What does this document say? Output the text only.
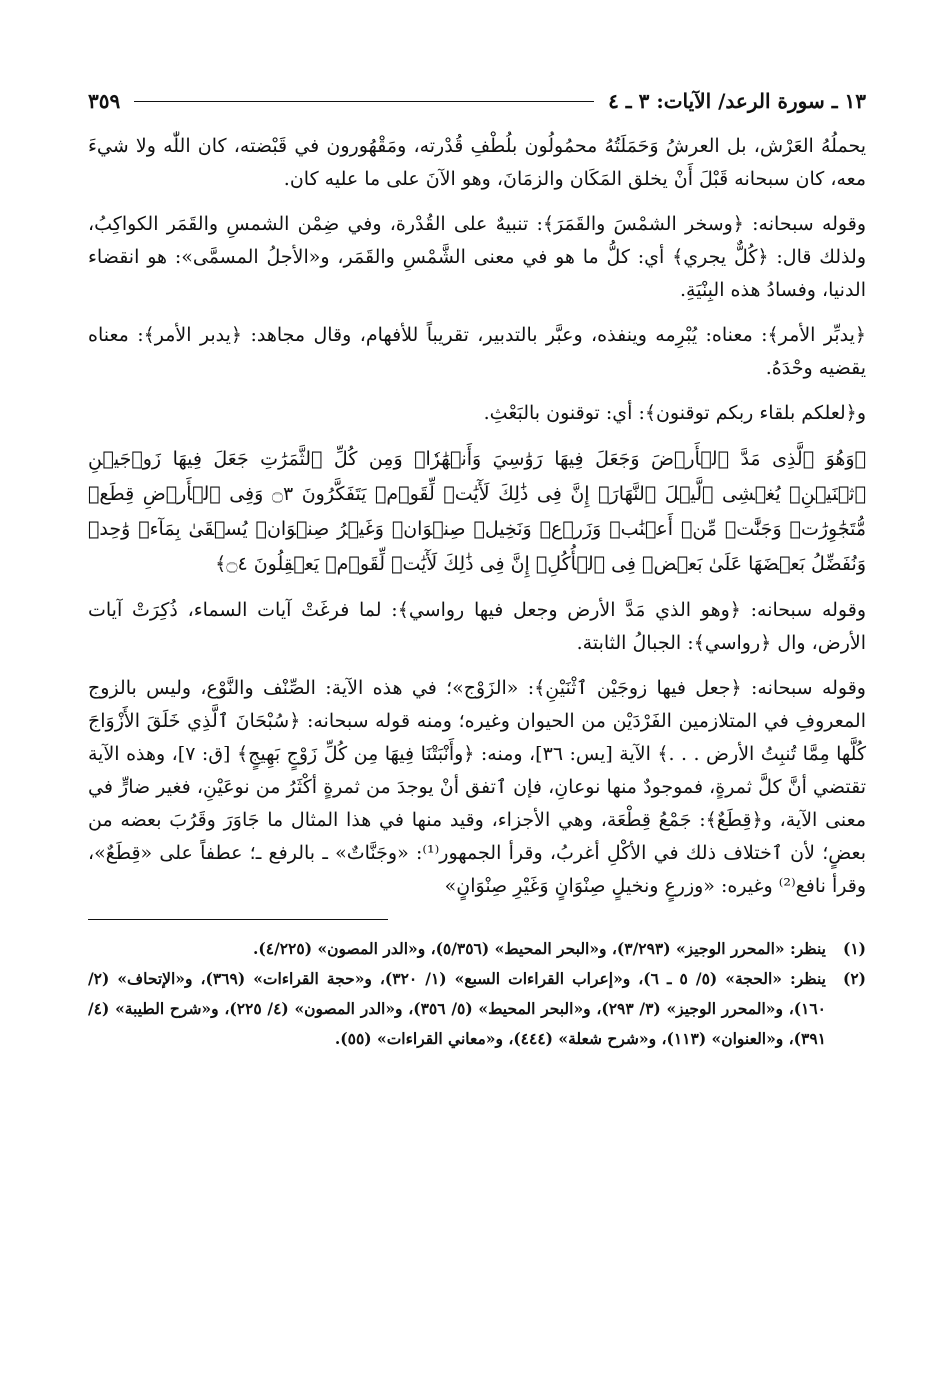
١٣ ـ سورة الرعد/ الآيات: ٣ ـ ٤
٣٥٩

يحملُهُ العَرْش، بل العرشُ وَحَمَلَتُهُ محمُولُون بلُطْفِ قُدْرته، ومَقْهُورون في قَبْضته، كان اللّٰه ولا شيءَ معه، كان سبحانه قَبْلَ أَنْ يخلق المَكَان والزمَانَ، وهو الآنَ على ما عليه كان.

وقوله سبحانه: ﴿وسخر الشمْسَ والقَمَرَ﴾: تنبيهٌ على القُدْرة، وفي ضِمْن الشمسِ والقَمَر الكواكِبُ، ولذلك قال: ﴿كُلٌّ يجري﴾ أي: كلُّ ما هو في معنى الشَّمْسِ والقَمَر، و«الأجلُ المسمَّى»: هو انقضاء الدنيا، وفسادُ هذه البِنْيَةِ.

﴿يدبِّر الأمر﴾: معناه: يُبْرِمه وينفذه، وعبَّر بالتدبير، تقريباً للأفهام، وقال مجاهد: ﴿يدبر الأمر﴾: معناه يقضيه وحْدَهُ.

و﴿لعلكم بلقاء ربكم توقنون﴾: أي: توقنون بالبَعْثِ.

﴿وَهُوَ ٱلَّذِى مَدَّ ٱلۡأَرۡضَ وَجَعَلَ فِيهَا رَوَٰسِيَ وَأَنۡهَٰرٗاۖ وَمِن كُلِّ ٱلثَّمَرَٰتِ جَعَلَ فِيهَا زَوۡجَيۡنِ ٱثۡنَيۡنِۖ يُغۡشِى ٱلَّيۡلَ ٱلنَّهَارَۚ إِنَّ فِى ذَٰلِكَ لَأٓيَٰتٖ لِّقَوۡمٖ يَتَفَكَّرُونَ ۝٣ وَفِى ٱلۡأَرۡضِ قِطَعٞ مُّتَجَٰوِرَٰتٞ وَجَنَّٰتٞ مِّنۡ أَعۡنَٰبٖ وَزَرۡعٞ وَنَخِيلٞ صِنۡوَانٞ وَغَيۡرُ صِنۡوَانٖ يُسۡقَىٰ بِمَآءٖ وَٰحِدٖ وَنُفَضِّلُ بَعۡضَهَا عَلَىٰ بَعۡضٖ فِى ٱلۡأُكُلِۚ إِنَّ فِى ذَٰلِكَ لَأٓيَٰتٖ لِّقَوۡمٖ يَعۡقِلُونَ ۝٤﴾

وقوله سبحانه: ﴿وهو الذي مَدَّ الأرض وجعل فيها رواسي﴾: لما فرغَتْ آيات السماء، ذُكِرَتْ آيات الأرض، وال ﴿رواسي﴾: الجبالُ الثابتة.

وقوله سبحانه: ﴿جعل فيها زوجَيْن ٱثْنَيْنِ﴾: «الزَوْج»؛ في هذه الآية: الصِّنْف والنَّوْع، وليس بالزوج المعروفِ في المتلازمين الفَرْدَيْن من الحيوان وغيره؛ ومنه قوله سبحانه: ﴿سُبْحَانَ ٱلَّذِي خَلَقَ الأَزْوَاجَ كُلَّها مِمَّا تُنبِتُ الأرض . . .﴾ الآية [يس: ٣٦]، ومنه: ﴿وأَنْبَتْنَا فِيهَا مِن كُلِّ زَوْجٍ بَهِيجٍ﴾ [ق: ٧]، وهذه الآية تقتضي أنَّ كلَّ ثمرةٍ، فموجودٌ منها نوعانِ، فإن ٱتفق أنْ يوجدَ من ثمرةٍ أكْثَرُ من نوعَيْنِ، فغير ضارٍّ في معنى الآية، و﴿قِطَعٌ﴾: جَمْعُ قِطْعَة، وهي الأجزاء، وقيد منها في هذا المثال ما جَاوَرَ وقَرُبَ بعضه من بعضٍ؛ لأن ٱختلاف ذلك في الأكْلِ أغربُ، وقرأ الجمهور⁽¹⁾: «وجَنَّاتٌ» ـ بالرفع ـ؛ عطفاً على «قِطَعٌ»، وقرأ نافع⁽²⁾ وغيره: «وزرعٍ ونخيلٍ صِنْوَانٍ وَغَيْرِ صِنْوَانٍ»

(١)
ينظر: «المحرر الوجيز» (٣/٢٩٣)، و«البحر المحيط» (٥/٣٥٦)، و«الدر المصون» (٤/٢٢٥).
(٢)
ينظر: «الحجة» (٥/ ٥ ـ ٦)، و«إعراب القراءات السبع» (١/ ٣٢٠)، و«حجة القراءات» (٣٦٩)، و«الإتحاف» (٢/ ١٦٠)، و«المحرر الوجيز» (٣/ ٢٩٣)، و«البحر المحيط» (٥/ ٣٥٦)، و«الدر المصون» (٤/ ٢٢٥)، و«شرح الطيبة» (٤/ ٣٩١)، و«العنوان» (١١٣)، و«شرح شعلة» (٤٤٤)، و«معاني القراءات» (٥٥).
